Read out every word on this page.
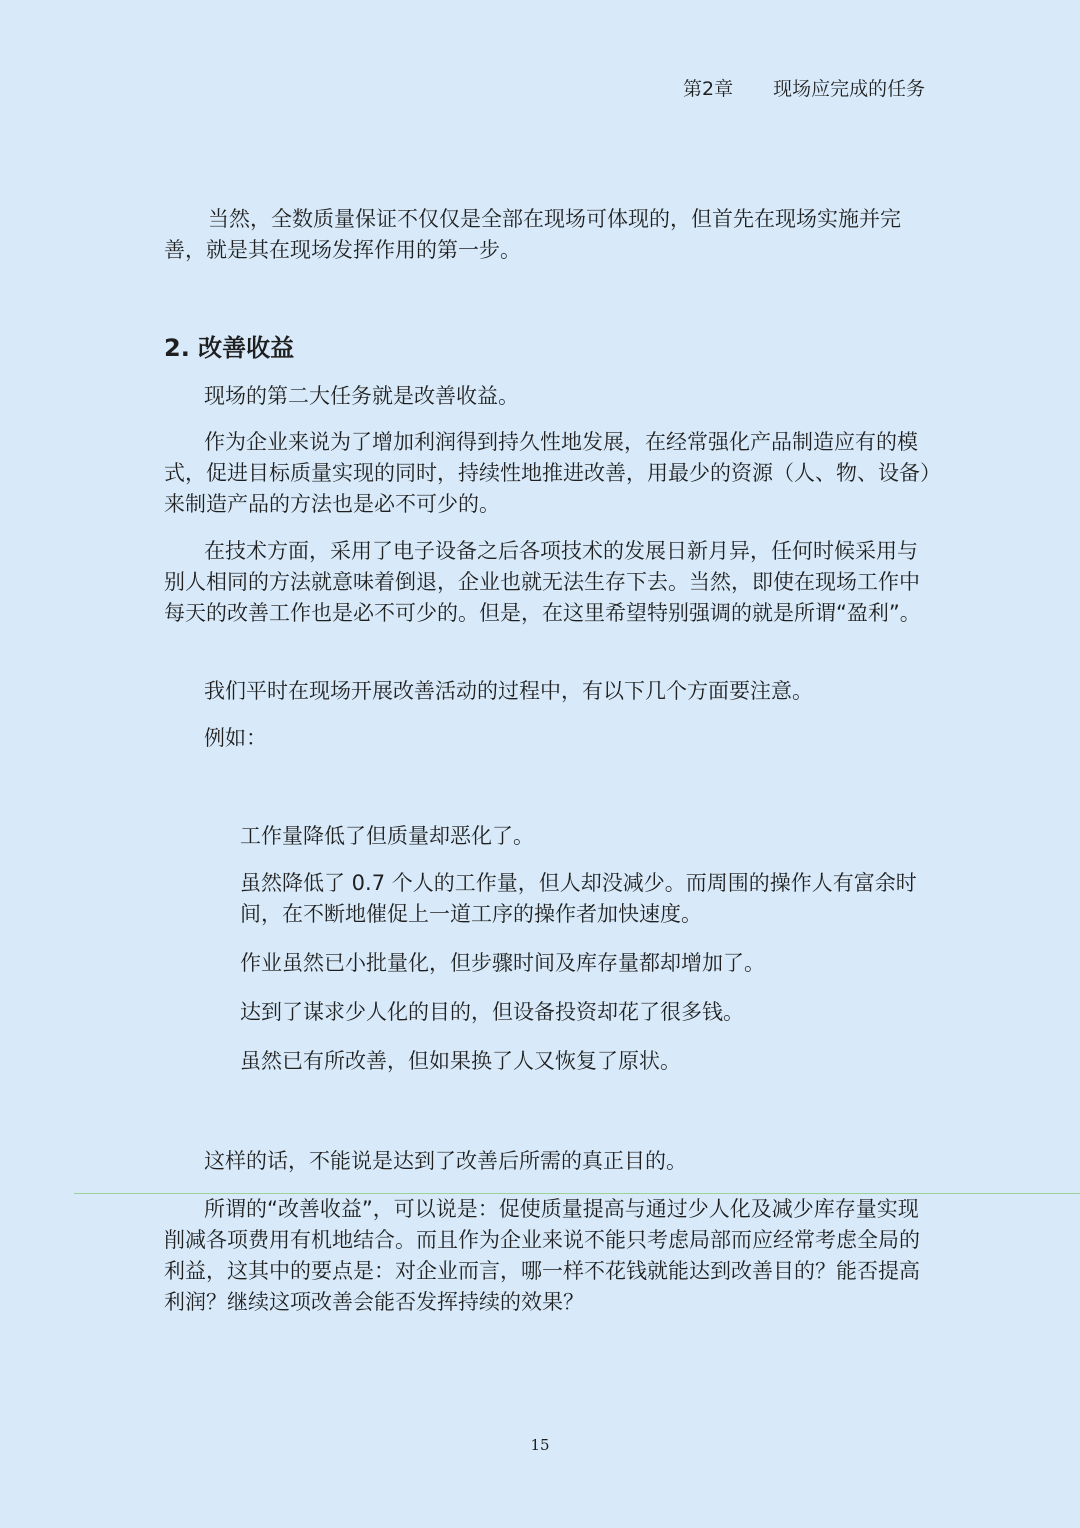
第2章 现场应完成的任务

当然，全数质量保证不仅仅是全部在现场可体现的，但首先在现场实施并完善，就是其在现场发挥作用的第一步。

2. 改善收益

现场的第二大任务就是改善收益。

作为企业来说为了增加利润得到持久性地发展，在经常强化产品制造应有的模式，促进目标质量实现的同时，持续性地推进改善，用最少的资源（人、物、设备）来制造产品的方法也是必不可少的。

在技术方面，采用了电子设备之后各项技术的发展日新月异，任何时候采用与别人相同的方法就意味着倒退，企业也就无法生存下去。当然，即使在现场工作中每天的改善工作也是必不可少的。但是，在这里希望特别强调的就是所谓“盈利”。

我们平时在现场开展改善活动的过程中，有以下几个方面要注意。

例如：

工作量降低了但质量却恶化了。

虽然降低了 0.7 个人的工作量，但人却没减少。而周围的操作人有富余时间，在不断地催促上一道工序的操作者加快速度。

作业虽然已小批量化，但步骤时间及库存量都却增加了。

达到了谋求少人化的目的，但设备投资却花了很多钱。

虽然已有所改善，但如果换了人又恢复了原状。

这样的话，不能说是达到了改善后所需的真正目的。

所谓的“改善收益”，可以说是：促使质量提高与通过少人化及减少库存量实现削减各项费用有机地结合。而且作为企业来说不能只考虑局部而应经常考虑全局的利益，这其中的要点是：对企业而言，哪一样不花钱就能达到改善目的？能否提高利润？继续这项改善会能否发挥持续的效果？

15
